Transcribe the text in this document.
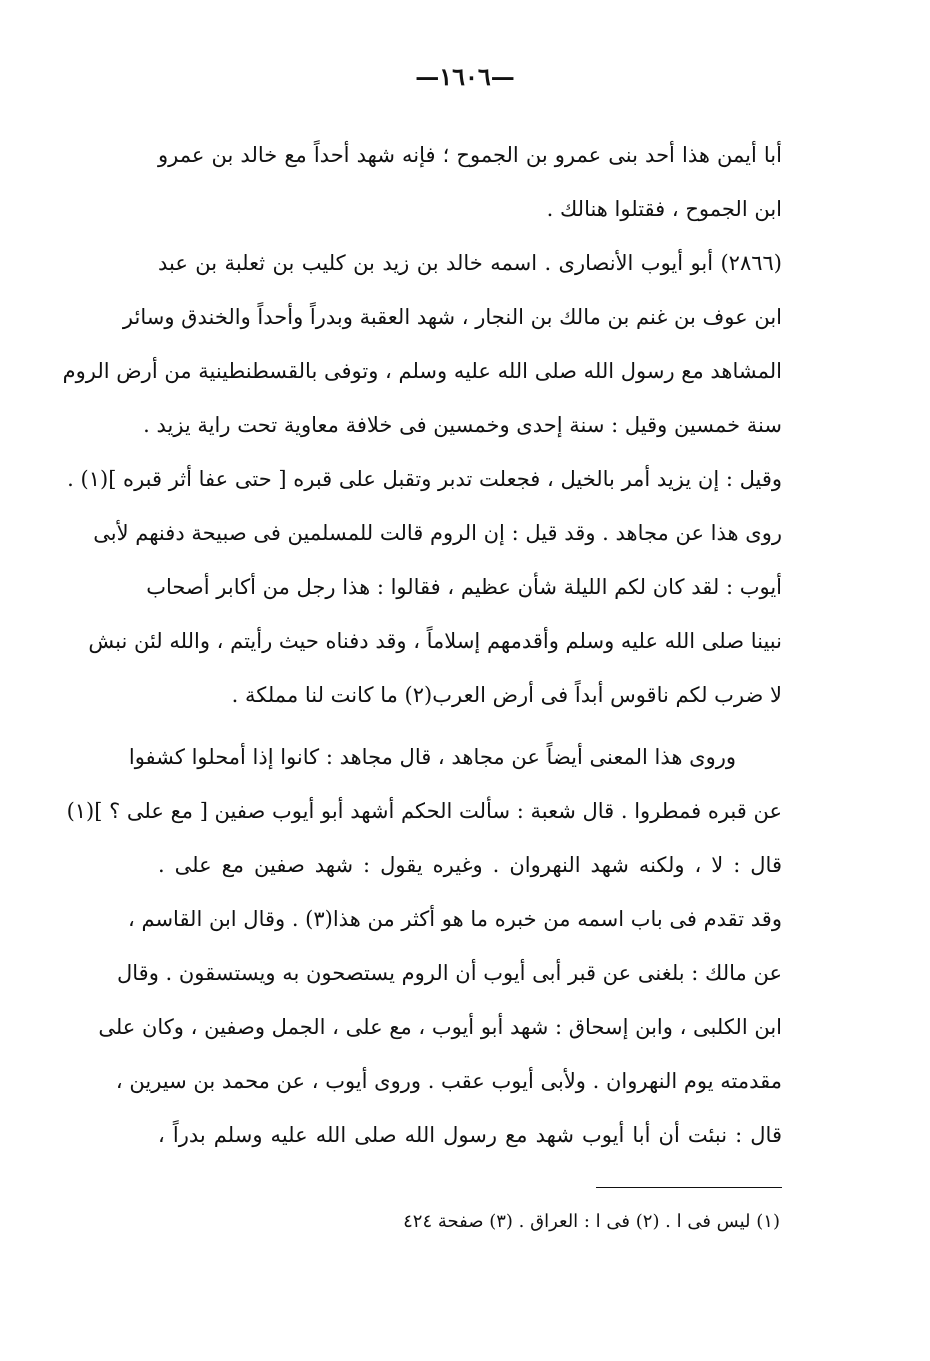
—١٦٠٦—
أبا أيمن هذا أحد بنى عمرو بن الجموح ؛ فإنه شهد أحداً مع خالد بن عمرو
ابن الجموح ، فقتلوا هنالك .
(٢٨٦٦) أبو أيوب الأنصارى . اسمه خالد بن زيد بن كليب بن ثعلبة بن عبد
ابن عوف بن غنم بن مالك بن النجار ، شهد العقبة وبدراً وأحداً والخندق وسائر
المشاهد مع رسول الله صلى الله عليه وسلم ، وتوفى بالقسطنطينية من أرض الروم
سنة خمسين وقيل : سنة إحدى وخمسين فى خلافة معاوية تحت راية يزيد .
وقيل : إن يزيد أمر بالخيل ، فجعلت تدبر وتقبل على قبره [ حتى عفا أثر قبره ](١) .
روى هذا عن مجاهد . وقد قيل : إن الروم قالت للمسلمين فى صبيحة دفنهم لأبى
أيوب : لقد كان لكم الليلة شأن عظيم ، فقالوا : هذا رجل من أكابر أصحاب
نبينا صلى الله عليه وسلم وأقدمهم إسلاماً ، وقد دفناه حيث رأيتم ، والله لئن نبش
لا ضرب لكم ناقوس أبداً فى أرض العرب(٢) ما كانت لنا مملكة .
وروى هذا المعنى أيضاً عن مجاهد ، قال مجاهد : كانوا إذا أمحلوا كشفوا
عن قبره فمطروا . قال شعبة : سألت الحكم أشهد أبو أيوب صفين [ مع على ؟ ](١)
قال : لا ، ولكنه شهد النهروان . وغيره يقول : شهد صفين مع على .
وقد تقدم فى باب اسمه من خبره ما هو أكثر من هذا(٣) . وقال ابن القاسم ،
عن مالك : بلغنى عن قبر أبى أيوب أن الروم يستصحون به ويستسقون . وقال
ابن الكلبى ، وابن إسحاق : شهد أبو أيوب ، مع على ، الجمل وصفين ، وكان على
مقدمته يوم النهروان . ولأبى أيوب عقب . وروى أيوب ، عن محمد بن سيرين ،
قال : نبئت أن أبا أيوب شهد مع رسول الله صلى الله عليه وسلم بدراً ،
(١) ليس فى ا . (٢) فى ا : العراق . (٣) صفحة ٤٢٤
